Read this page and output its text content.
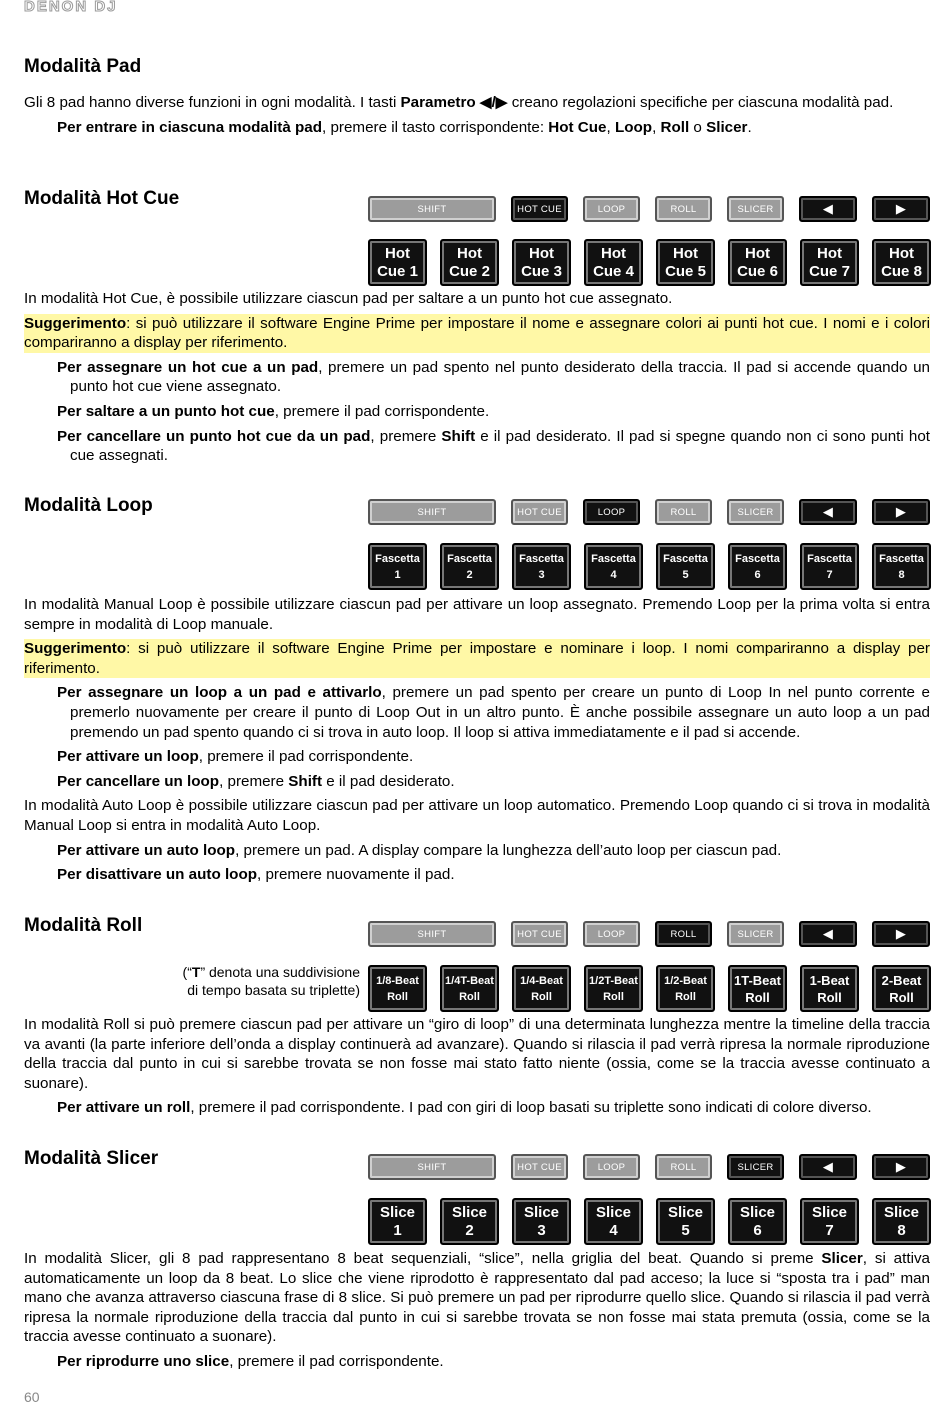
DENON DJ
Modalità Pad

Gli 8 pad hanno diverse funzioni in ogni modalità. I tasti Parametro ◀/▶ creano regolazioni specifiche per ciascuna modalità pad.

Per entrare in ciascuna modalità pad, premere il tasto corrispondente: Hot Cue, Loop, Roll o Slicer.

Modalità Hot Cue	SHIFT	HOT CUE	LOOP	ROLL	SLICER	◀	▶
Hot
Cue 1
Hot
Cue 2
Hot
Cue 3
Hot
Cue 4
Hot
Cue 5
Hot
Cue 6
Hot
Cue 7
Hot
Cue 8

In modalità Hot Cue, è possibile utilizzare ciascun pad per saltare a un punto hot cue assegnato.

Suggerimento: si può utilizzare il software Engine Prime per impostare il nome e assegnare colori ai punti hot cue. I nomi e i colori compariranno a display per riferimento.

Per assegnare un hot cue a un pad, premere un pad spento nel punto desiderato della traccia. Il pad si accende quando un punto hot cue viene assegnato.

Per saltare a un punto hot cue, premere il pad corrispondente.

Per cancellare un punto hot cue da un pad, premere Shift e il pad desiderato. Il pad si spegne quando non ci sono punti hot cue assegnati.

Modalità Loop	SHIFT	HOT CUE	LOOP	ROLL	SLICER	◀	▶
Fascetta
1
Fascetta
2
Fascetta
3
Fascetta
4
Fascetta
5
Fascetta
6
Fascetta
7
Fascetta
8

In modalità Manual Loop è possibile utilizzare ciascun pad per attivare un loop assegnato. Premendo Loop per la prima volta si entra sempre in modalità di Loop manuale.

Suggerimento: si può utilizzare il software Engine Prime per impostare e nominare i loop. I nomi compariranno a display per riferimento.

Per assegnare un loop a un pad e attivarlo, premere un pad spento per creare un punto di Loop In nel punto corrente e premerlo nuovamente per creare il punto di Loop Out in un altro punto. È anche possibile assegnare un auto loop a un pad premendo un pad spento quando ci si trova in auto loop. Il loop si attiva immediatamente e il pad si accende.

Per attivare un loop, premere il pad corrispondente.

Per cancellare un loop, premere Shift e il pad desiderato.

In modalità Auto Loop è possibile utilizzare ciascun pad per attivare un loop automatico. Premendo Loop quando ci si trova in modalità Manual Loop si entra in modalità Auto Loop.

Per attivare un auto loop, premere un pad. A display compare la lunghezza dell’auto loop per ciascun pad.

Per disattivare un auto loop, premere nuovamente il pad.

Modalità Roll	SHIFT	HOT CUE	LOOP	ROLL	SLICER	◀	▶
(“T” denota una suddivisione
di tempo basata su triplette)
1/8-Beat
Roll
1/4T-Beat
Roll
1/4-Beat
Roll
1/2T-Beat
Roll
1/2-Beat
Roll
1T-Beat
Roll
1-Beat
Roll
2-Beat
Roll

In modalità Roll si può premere ciascun pad per attivare un “giro di loop” di una determinata lunghezza mentre la timeline della traccia va avanti (la parte inferiore dell’onda a display continuerà ad avanzare). Quando si rilascia il pad verrà ripresa la normale riproduzione della traccia dal punto in cui si sarebbe trovata se non fosse mai stato fatto niente (ossia, come se la traccia avesse continuato a suonare).

Per attivare un roll, premere il pad corrispondente. I pad con giri di loop basati su triplette sono indicati di colore diverso.

Modalità Slicer	SHIFT	HOT CUE	LOOP	ROLL	SLICER	◀	▶
Slice
1
Slice
2
Slice
3
Slice
4
Slice
5
Slice
6
Slice
7
Slice
8

In modalità Slicer, gli 8 pad rappresentano 8 beat sequenziali, “slice”, nella griglia del beat. Quando si preme Slicer, si attiva automaticamente un loop da 8 beat. Lo slice che viene riprodotto è rappresentato dal pad acceso; la luce si “sposta tra i pad” man mano che avanza attraverso ciascuna frase di 8 slice. Si può premere un pad per riprodurre quello slice. Quando si rilascia il pad verrà ripresa la normale riproduzione della traccia dal punto in cui si sarebbe trovata se non fosse mai stata premuta (ossia, come se la traccia avesse continuato a suonare).

Per riprodurre uno slice, premere il pad corrispondente.

60
